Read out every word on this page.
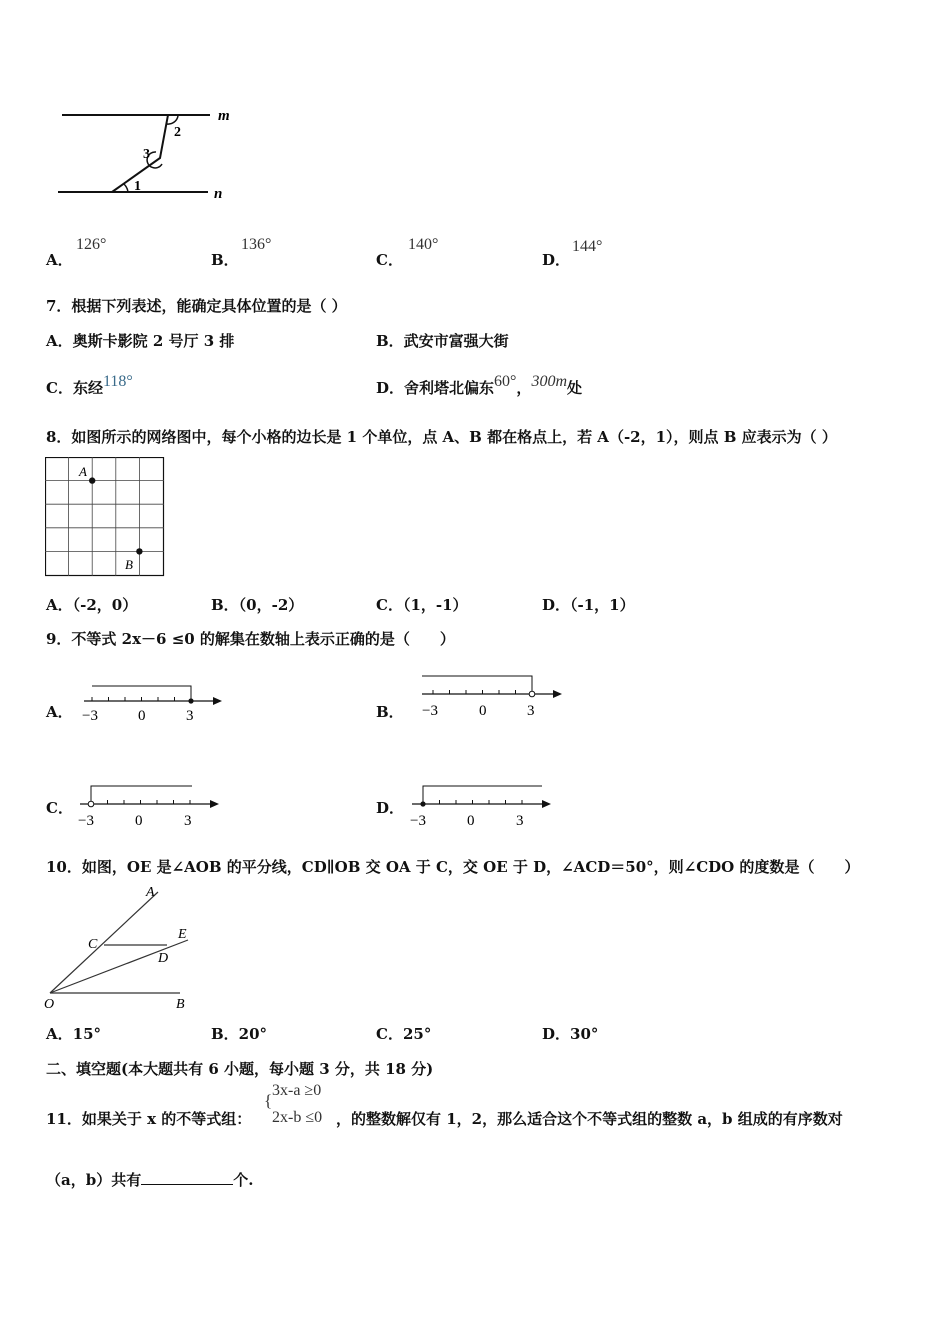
m
n
1
2
3
A．
126°
B．
136°
C．
140°
D．
144°
7．根据下列表述，能确定具体位置的是（ ）
A．奥斯卡影院 2 号厅 3 排	B．武安市富强大街
C．东经118°	D．舍利塔北偏东60°，300m处
8．如图所示的网络图中，每个小格的边长是 1 个单位，点 A、B 都在格点上，若 A（-2，1），则点 B 应表示为（ ）
A
B
A．（-2，0）	B．（0，-2）	C．（1，-1）	D．（-1，1）
9．不等式 2x－6 ≤0 的解集在数轴上表示正确的是（　　）
A． −3	0	3	B． −3	0	3
C．
−3	0	3
D．
−3	0	3
10．如图，OE 是∠AOB 的平分线，CD∥OB 交 OA 于 C，交 OE 于 D，∠ACD＝50°，则∠CDO 的度数是（　　）
A
E
C
D
O	B
A．15°	B．20°	C．25°	D．30°
二、填空题(本大题共有 6 小题，每小题 3 分，共 18 分)
{
3x-a ≥0
2x-b ≤0
11．如果关于 x 的不等式组：	，的整数解仅有 1，2，那么适合这个不等式组的整数 a，b 组成的有序数对
（a，b）共有	个.
